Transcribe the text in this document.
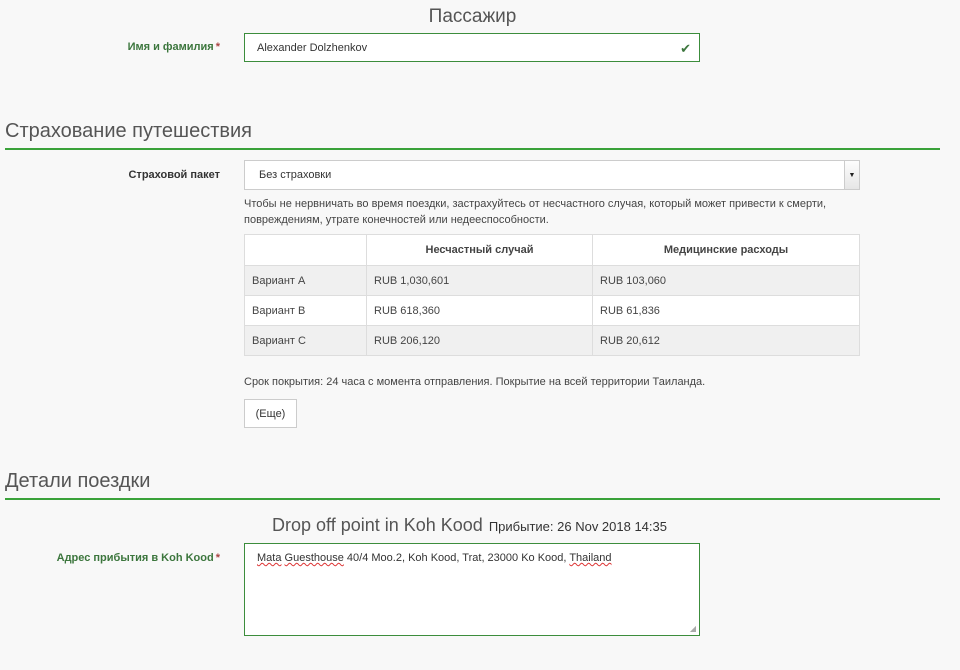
Пассажир
Имя и фамилия *	Alexander Dolzhenkov	✔
Страхование путешествия
Страховой пакет	Без страховки	▼
Чтобы не нервничать во время поездки, застрахуйтесь от несчастного случая, который может привести к смерти, повреждениям, утрате конечностей или недееспособности.
	Несчастный случай	Медицинские расходы
Вариант A	RUB 1,030,601	RUB 103,060
Вариант B	RUB 618,360	RUB 61,836
Вариант C	RUB 206,120	RUB 20,612
Срок покрытия: 24 часа с момента отправления. Покрытие на всей территории Таиланда.
(Еще)
Детали поездки
Drop off point in Koh Kood Прибытие: 26 Nov 2018 14:35
Адрес прибытия в Koh Kood *	Mata Guesthouse 40/4 Moo.2, Koh Kood, Trat, 23000 Ko Kood, Thailand
◢
